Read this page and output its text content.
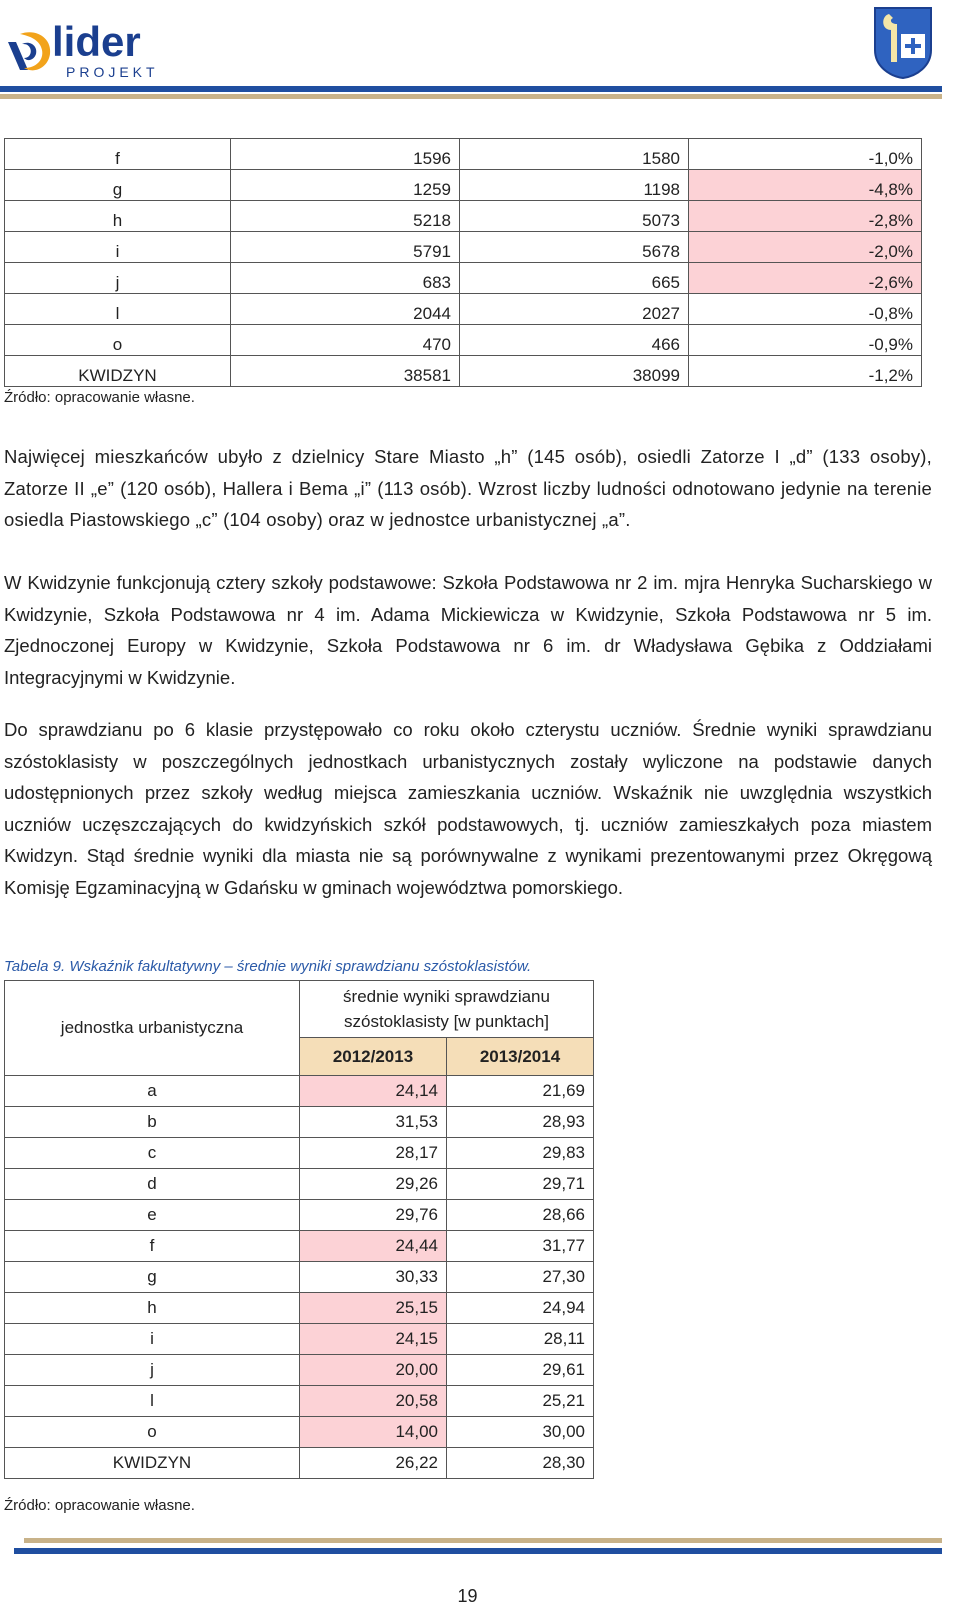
lider
PROJEKT
f	1596	1580	-1,0%
g	1259	1198	-4,8%
h	5218	5073	-2,8%
i	5791	5678	-2,0%
j	683	665	-2,6%
l	2044	2027	-0,8%
o	470	466	-0,9%
KWIDZYN	38581	38099	-1,2%
Źródło: opracowanie własne.
Najwięcej mieszkańców ubyło z dzielnicy Stare Miasto „h” (145 osób), osiedli Zatorze I „d” (133 osoby), Zatorze II „e” (120 osób), Hallera i Bema „i” (113 osób). Wzrost liczby ludności odnotowano jedynie na terenie osiedla Piastowskiego „c” (104 osoby) oraz w jednostce urbanistycznej „a”.
W Kwidzynie funkcjonują cztery szkoły podstawowe: Szkoła Podstawowa nr 2 im. mjra Henryka Sucharskiego w Kwidzynie, Szkoła Podstawowa nr 4 im. Adama Mickiewicza w Kwidzynie, Szkoła Podstawowa nr 5 im. Zjednoczonej Europy w Kwidzynie, Szkoła Podstawowa nr 6 im. dr Władysława Gębika z Oddziałami Integracyjnymi w Kwidzynie.
Do sprawdzianu po 6 klasie przystępowało co roku około czterystu uczniów. Średnie wyniki sprawdzianu szóstoklasisty w poszczególnych jednostkach urbanistycznych zostały wyliczone na podstawie danych udostępnionych przez szkoły według miejsca zamieszkania uczniów. Wskaźnik nie uwzględnia wszystkich uczniów uczęszczających do kwidzyńskich szkół podstawowych, tj. uczniów zamieszkałych poza miastem Kwidzyn. Stąd średnie wyniki dla miasta nie są porównywalne z wynikami prezentowanymi przez Okręgową Komisję Egzaminacyjną w Gdańsku w gminach województwa pomorskiego.
Tabela 9. Wskaźnik fakultatywny – średnie wyniki sprawdzianu szóstoklasistów.
jednostka urbanistyczna	średnie wyniki sprawdzianu szóstoklasisty [w punktach]	
	2012/2013	2013/2014
a	24,14	21,69
b	31,53	28,93
c	28,17	29,83
d	29,26	29,71
e	29,76	28,66
f	24,44	31,77
g	30,33	27,30
h	25,15	24,94
i	24,15	28,11
j	20,00	29,61
l	20,58	25,21
o	14,00	30,00
KWIDZYN	26,22	28,30
Źródło: opracowanie własne.
19
